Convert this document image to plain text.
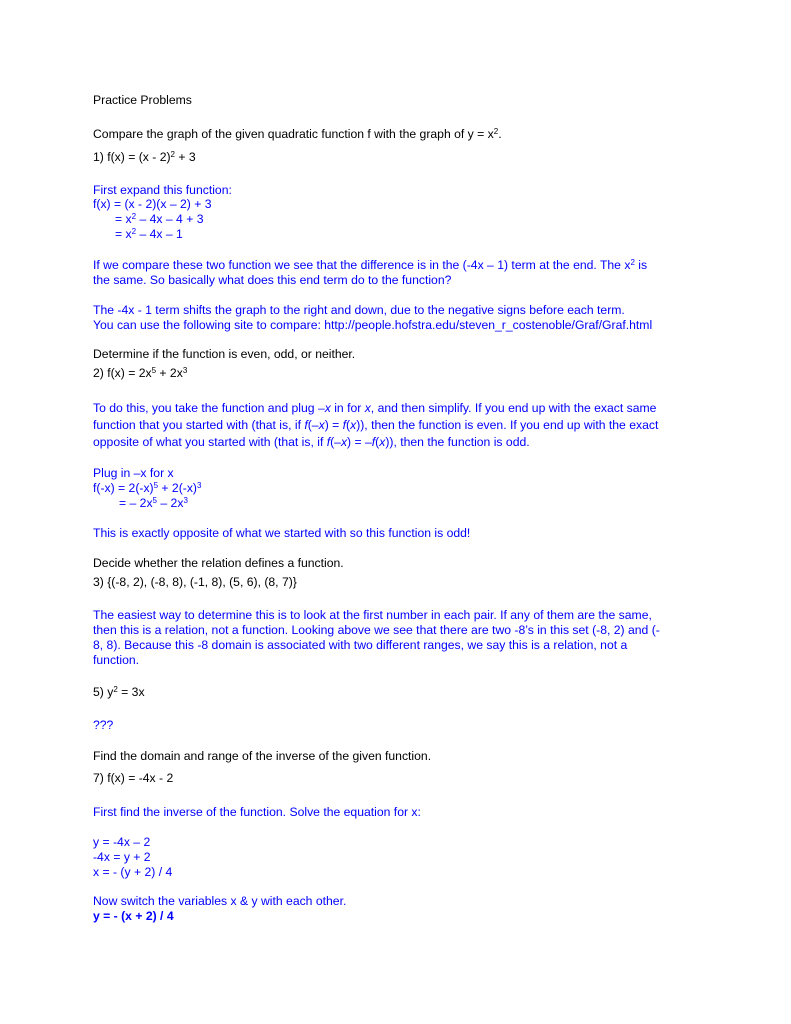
Practice Problems
Compare the graph of the given quadratic function f with the graph of $y = x^2$.
1) f(x) = (x - 2)$^2$ + 3
First expand this function:
f(x) = (x - 2)(x – 2) + 3
= $x^2 - 4x - 4 + 3$
= $x^2 - 4x - 1$
If we compare these two function we see that the difference is in the (-4x – 1) term at the end. The $x^2$ is
the same. So basically what does this end term do to the function?
The -4x - 1 term shifts the graph to the right and down, due to the negative signs before each term.
You can use the following site to compare: http://people.hofstra.edu/steven_r_costenoble/Graf/Graf.html
Determine if the function is even, odd, or neither.
2) $f(x) = 2x^5 + 2x^3$
To do this, you take the function and plug –x in for x, and then simplify. If you end up with the exact same
function that you started with (that is, if f(–x) = f(x)), then the function is even. If you end up with the exact
opposite of what you started with (that is, if f(–x) = –f(x)), then the function is odd.
Plug in –x for x
$f(-x) = 2(-x)^5 + 2(-x)^3$
= – $2x^5 - 2x^3$
This is exactly opposite of what we started with so this function is odd!
Decide whether the relation defines a function.
3) {(-8, 2), (-8, 8), (-1, 8), (5, 6), (8, 7)}
The easiest way to determine this is to look at the first number in each pair. If any of them are the same,
then this is a relation, not a function. Looking above we see that there are two -8’s in this set (-8, 2) and (-
8, 8). Because this -8 domain is associated with two different ranges, we say this is a relation, not a
function.
5) $y^2 = 3x$
???
Find the domain and range of the inverse of the given function.
7) f(x) = -4x - 2
First find the inverse of the function. Solve the equation for x:
y = -4x – 2
-4x = y + 2
x = - (y + 2) / 4
Now switch the variables x & y with each other.
y = - (x + 2) / 4
